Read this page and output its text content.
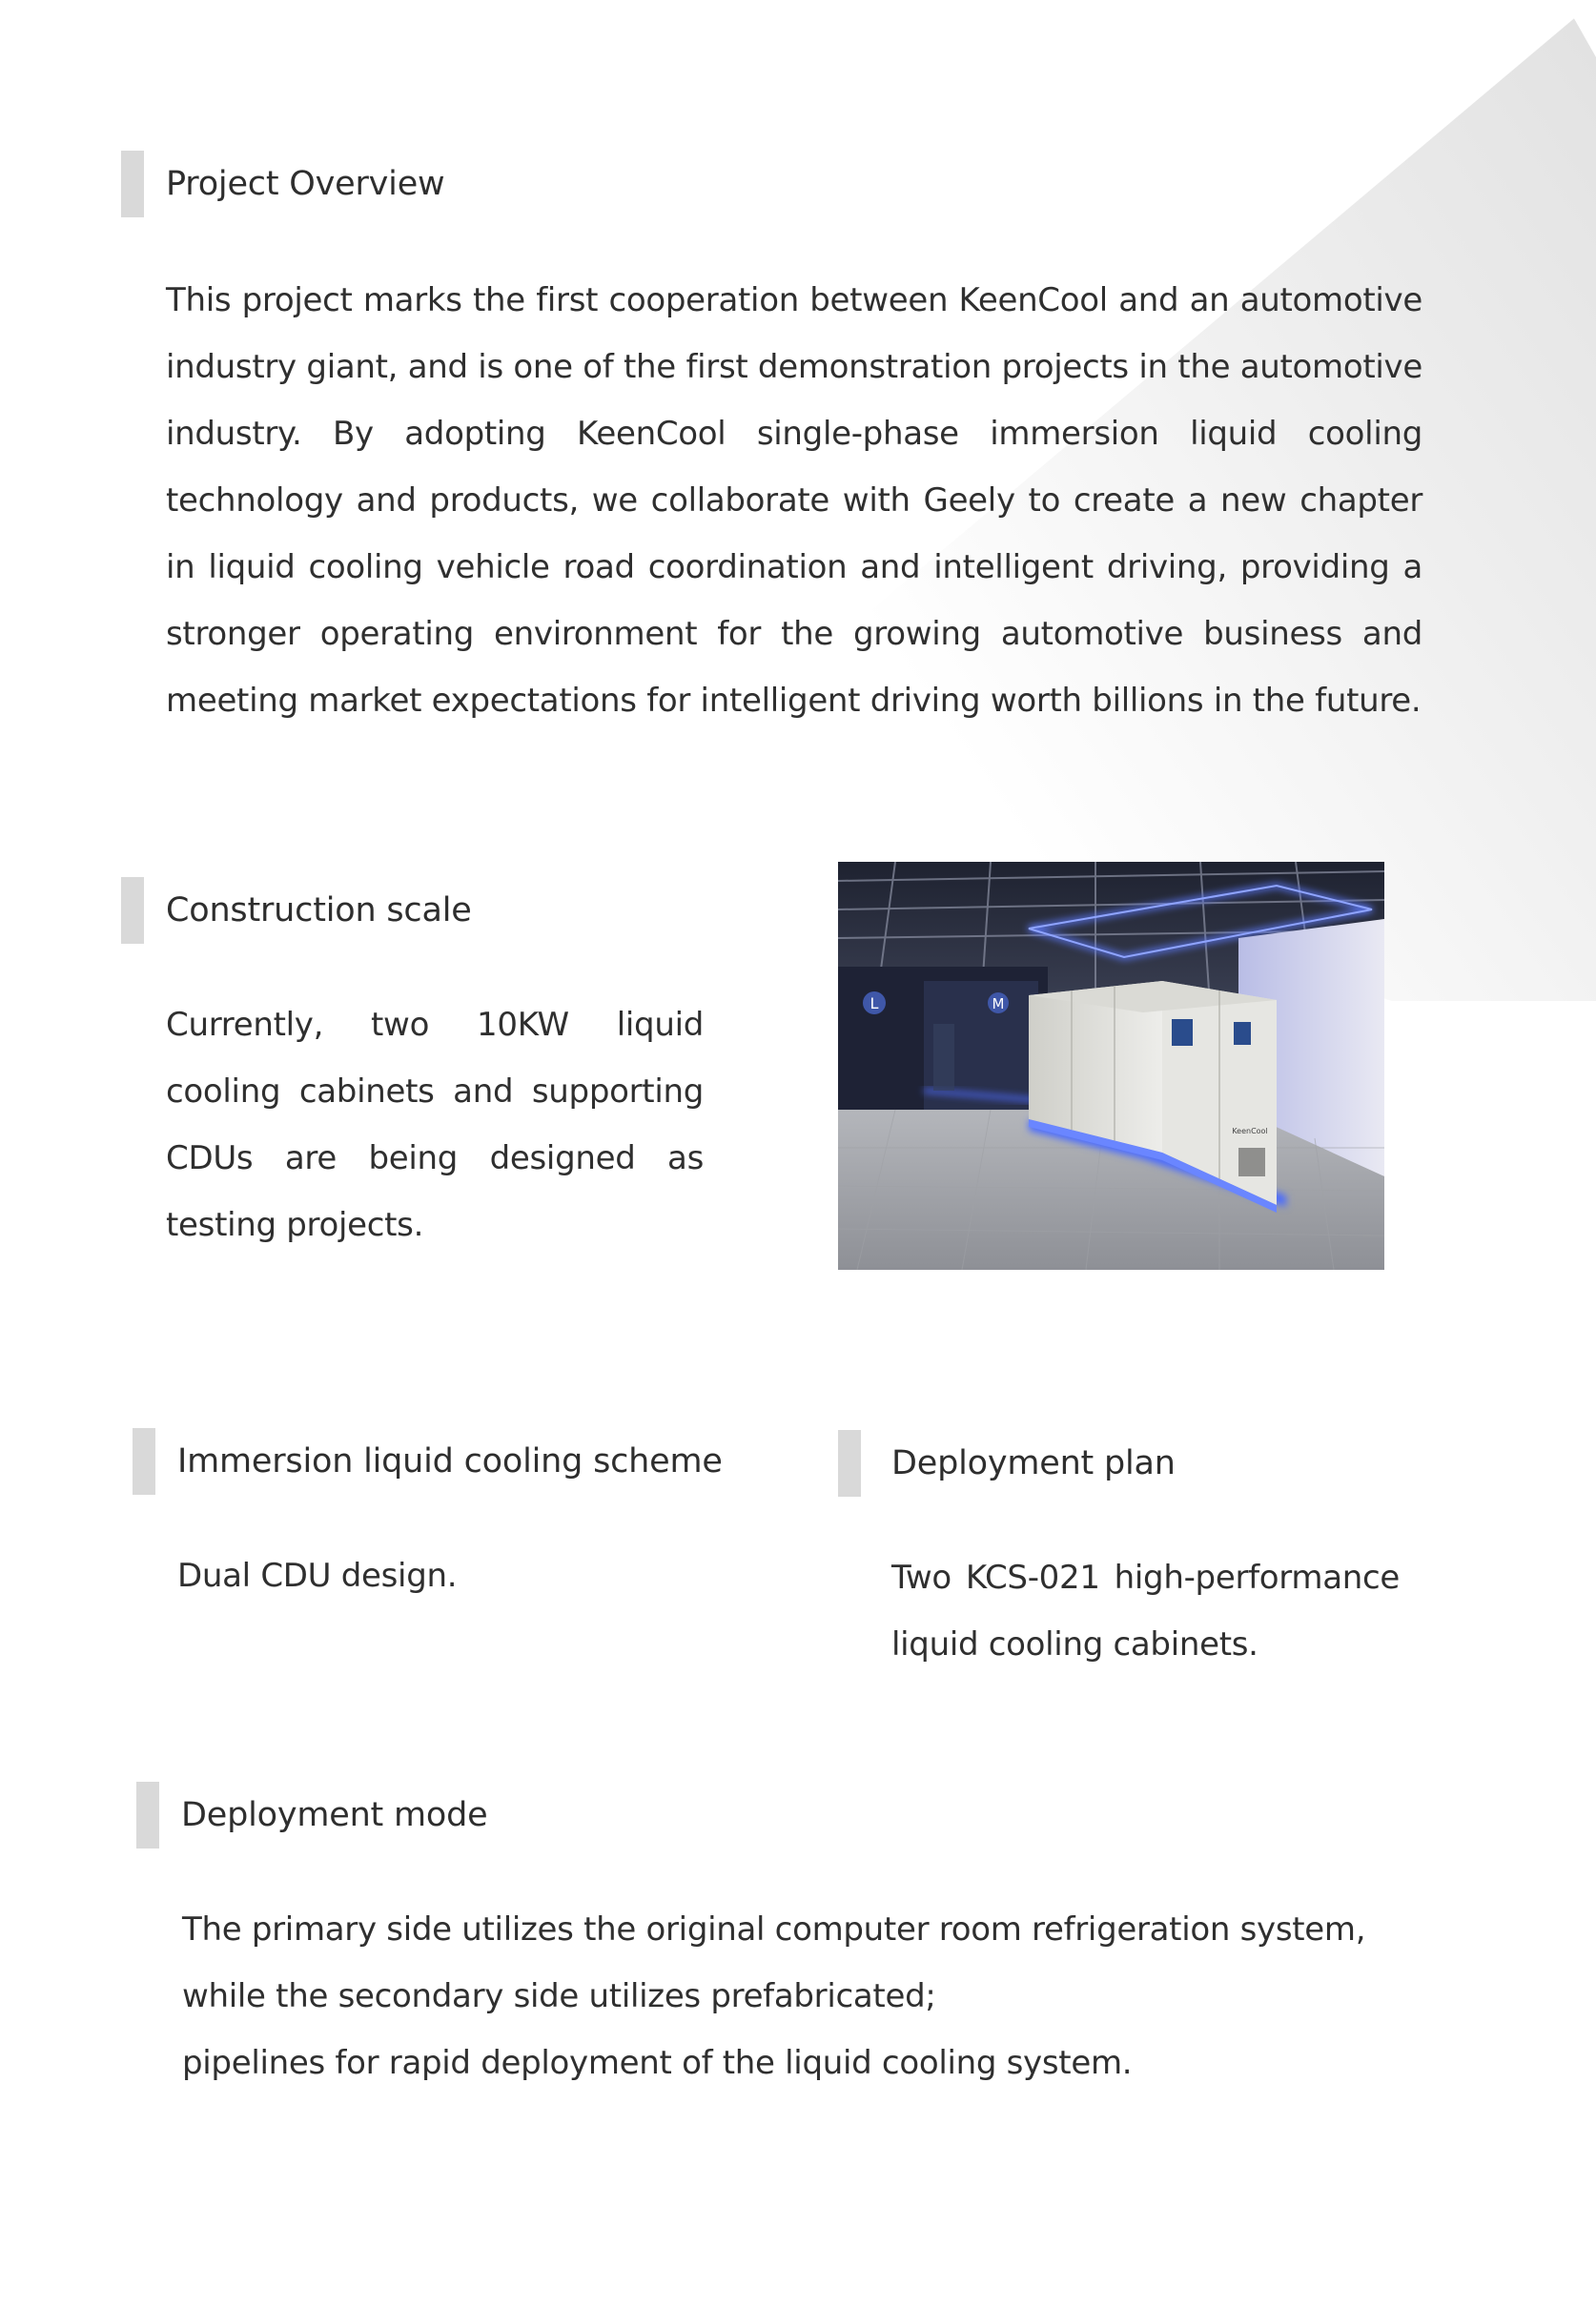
Project Overview

This project marks the first cooperation between KeenCool and an automotive industry giant, and is one of the first demonstration projects in the automotive industry. By adopting KeenCool single-phase immersion liquid cooling technology and products, we collaborate with Geely to create a new chapter in liquid cooling vehicle road coordination and intelligent driving, providing a stronger operating environment for the growing automotive business and meeting market expectations for intelligent driving worth billions in the future.

Construction scale

Currently, two 10KW liquid cooling cabinets and supporting CDUs are being designed as testing projects.

L	M
KeenCool
Immersion liquid cooling scheme

Dual CDU design.

Deployment plan

Two KCS-021 high-performance liquid cooling cabinets.

Deployment mode

The primary side utilizes the original computer room refrigeration system, while the secondary side utilizes prefabricated;
pipelines for rapid deployment of the liquid cooling system.
